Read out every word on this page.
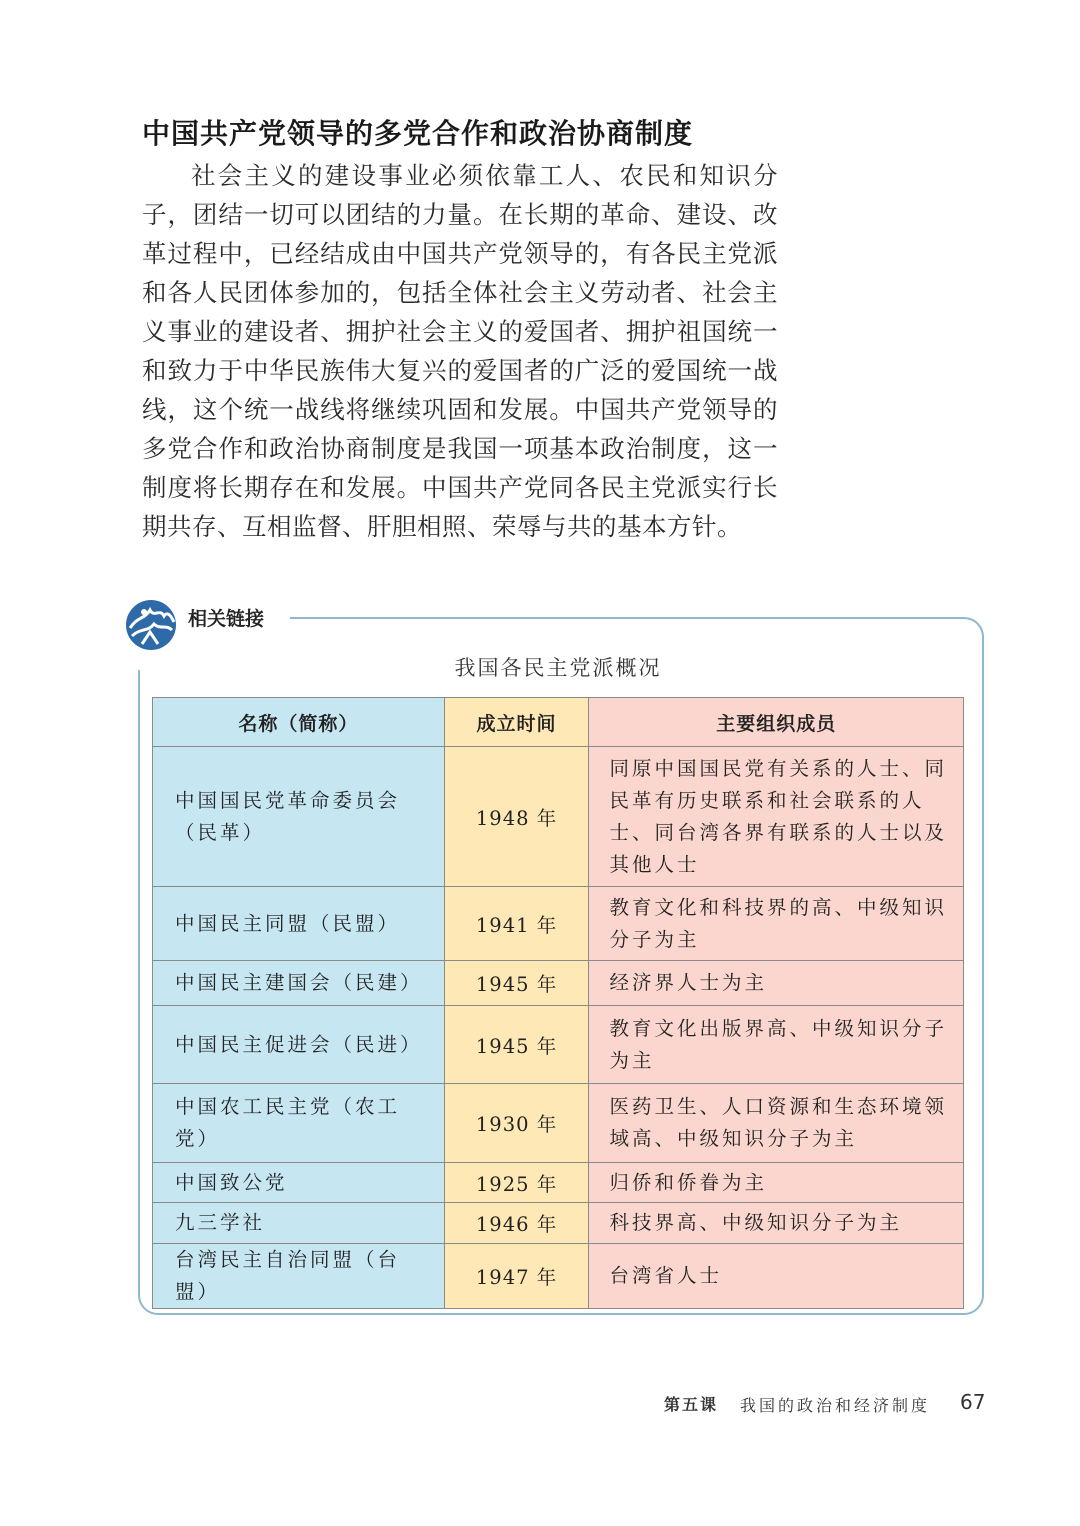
中国共产党领导的多党合作和政治协商制度
社会主义的建设事业必须依靠工人、农民和知识分子，团结一切可以团结的力量。在长期的革命、建设、改革过程中，已经结成由中国共产党领导的，有各民主党派和各人民团体参加的，包括全体社会主义劳动者、社会主义事业的建设者、拥护社会主义的爱国者、拥护祖国统一和致力于中华民族伟大复兴的爱国者的广泛的爱国统一战线，这个统一战线将继续巩固和发展。中国共产党领导的多党合作和政治协商制度是我国一项基本政治制度，这一制度将长期存在和发展。中国共产党同各民主党派实行长期共存、互相监督、肝胆相照、荣辱与共的基本方针。
相关链接
我国各民主党派概况
名称（简称）	成立时间	主要组织成员
中国国民党革命委员会（民革）	1948 年	同原中国国民党有关系的人士、同民革有历史联系和社会联系的人士、同台湾各界有联系的人士以及其他人士
中国民主同盟（民盟）	1941 年	教育文化和科技界的高、中级知识分子为主
中国民主建国会（民建）	1945 年	经济界人士为主
中国民主促进会（民进）	1945 年	教育文化出版界高、中级知识分子为主
中国农工民主党（农工党）	1930 年	医药卫生、人口资源和生态环境领域高、中级知识分子为主
中国致公党	1925 年	归侨和侨眷为主
九三学社	1946 年	科技界高、中级知识分子为主
台湾民主自治同盟（台盟）	1947 年	台湾省人士
第五课 我国的政治和经济制度 67
